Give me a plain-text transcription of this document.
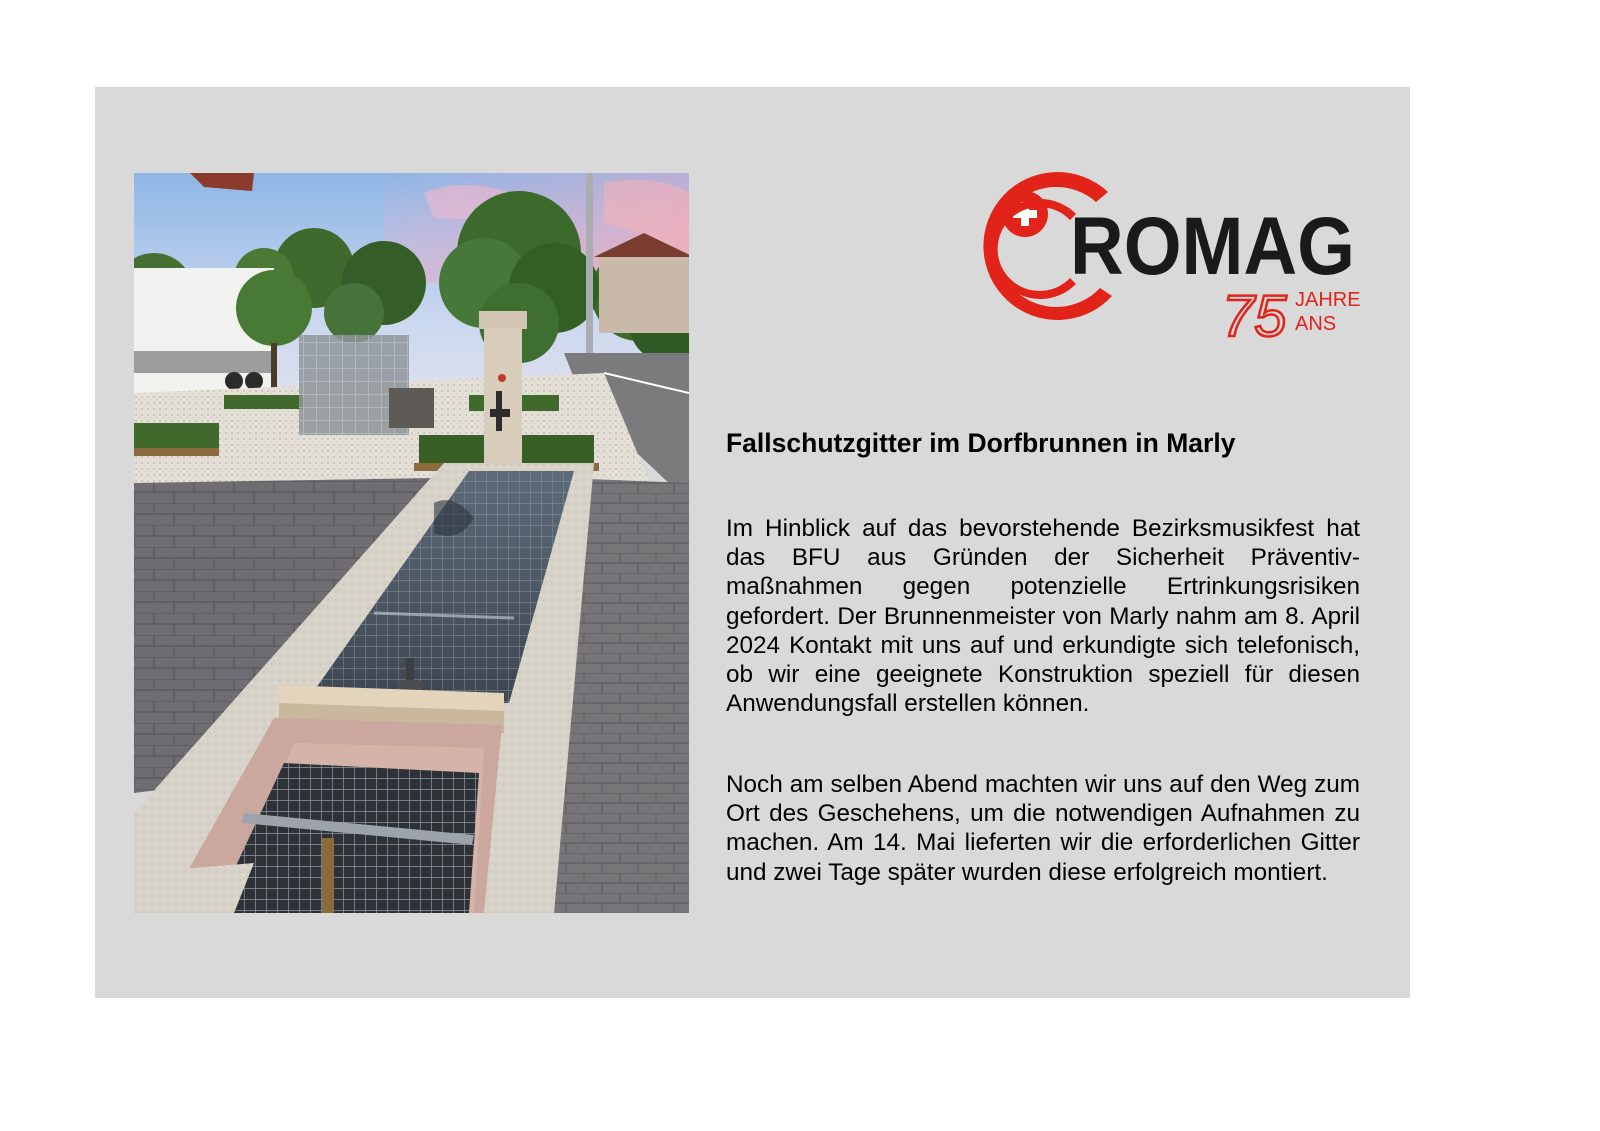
ROMAG
75 JAHRE
ANS
Fallschutzgitter im Dorfbrunnen in Marly

Im Hinblick auf das bevorstehende Bezirksmusikfest hat das BFU aus Gründen der Sicherheit Präventivmaßnahmen gegen potenzielle Ertrinkungsrisiken gefordert. Der Brunnenmeister von Marly nahm am 8. April 2024 Kontakt mit uns auf und erkundigte sich telefonisch, ob wir eine geeignete Konstruktion speziell für diesen Anwendungsfall erstellen können.

Noch am selben Abend machten wir uns auf den Weg zum Ort des Geschehens, um die notwendigen Aufnahmen zu machen. Am 14. Mai lieferten wir die erforderlichen Gitter und zwei Tage später wurden diese erfolgreich montiert.
